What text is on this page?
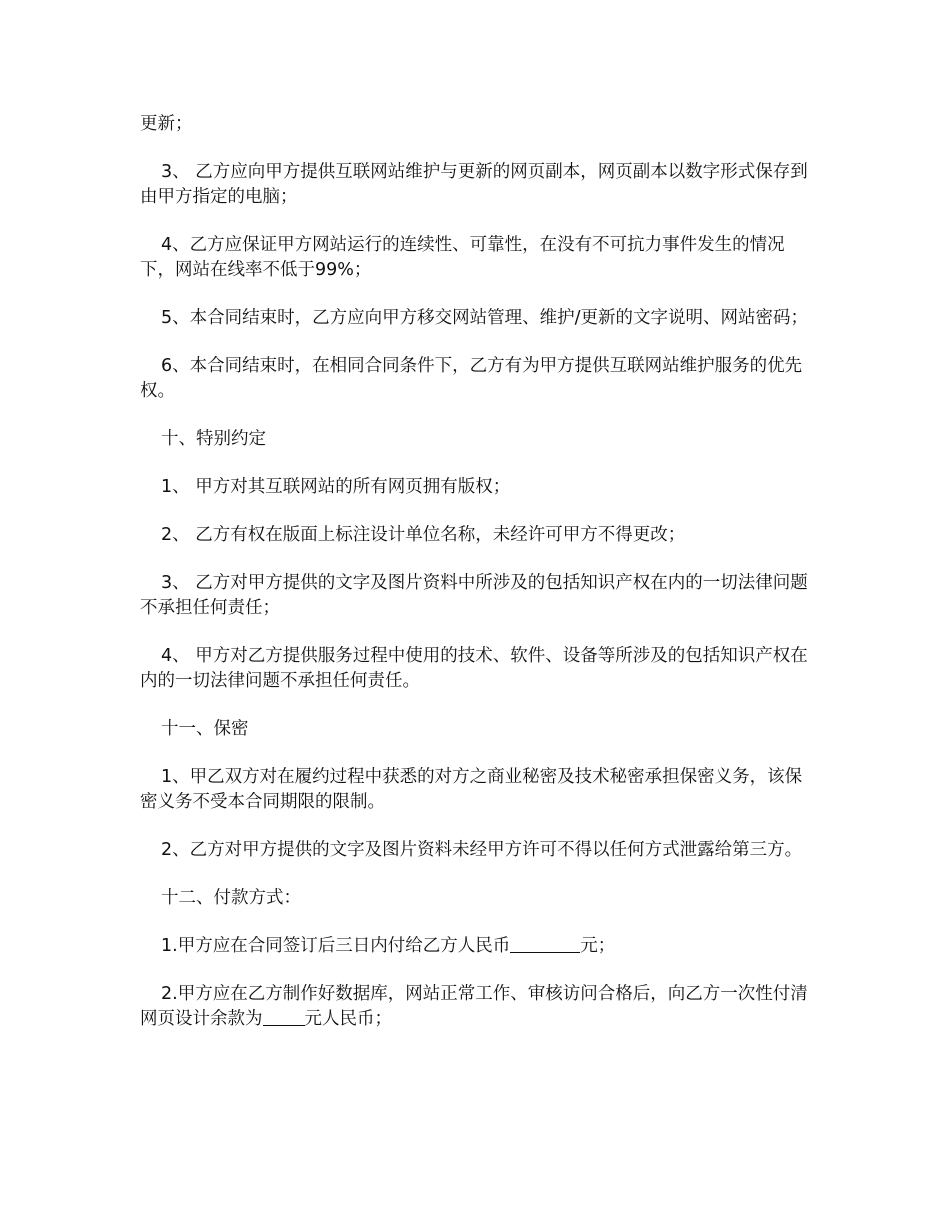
更新；

3、 乙方应向甲方提供互联网站维护与更新的网页副本，网页副本以数字形式保存到由甲方指定的电脑；

4、乙方应保证甲方网站运行的连续性、可靠性，在没有不可抗力事件发生的情况下，网站在线率不低于99%；

5、本合同结束时，乙方应向甲方移交网站管理、维护/更新的文字说明、网站密码；

6、本合同结束时，在相同合同条件下，乙方有为甲方提供互联网站维护服务的优先权。

十、特别约定

1、 甲方对其互联网站的所有网页拥有版权；

2、 乙方有权在版面上标注设计单位名称，未经许可甲方不得更改；

3、 乙方对甲方提供的文字及图片资料中所涉及的包括知识产权在内的一切法律问题不承担任何责任；

4、 甲方对乙方提供服务过程中使用的技术、软件、设备等所涉及的包括知识产权在内的一切法律问题不承担任何责任。

十一、保密

1、甲乙双方对在履约过程中获悉的对方之商业秘密及技术秘密承担保密义务，该保密义务不受本合同期限的限制。

2、乙方对甲方提供的文字及图片资料未经甲方许可不得以任何方式泄露给第三方。

十二、付款方式：

1.甲方应在合同签订后三日内付给乙方人民币	元；

2.甲方应在乙方制作好数据库，网站正常工作、审核访问合格后，向乙方一次性付清网页设计余款为 元人民币；
